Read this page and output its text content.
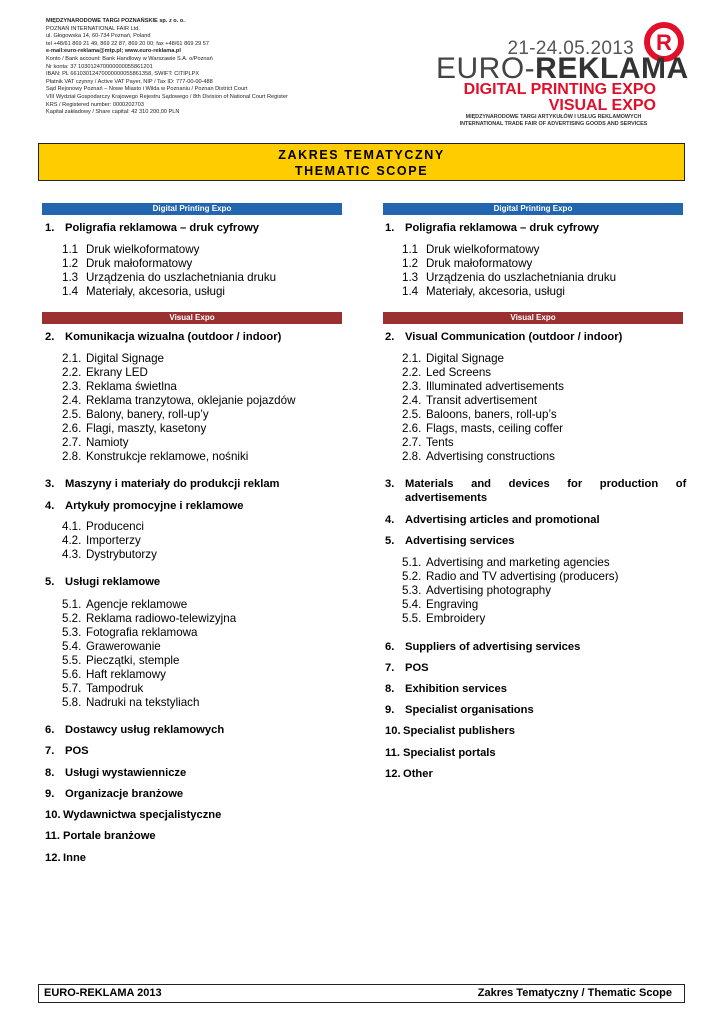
MIĘDZYNARODOWE TARGI POZNAŃSKIE sp. z o. o.
POZNAŃ INTERNATIONAL FAIR Ltd.
ul. Głogowska 14, 60-734 Poznań, Poland
tel +48/61 869 21 49, 869 22 87, 869 20 00; fax +48/61 869 29 57
e-mail:euro-reklama@mtp.pl; www.euro-reklama.pl
Konto / Bank account: Bank Handlowy w Warszawie S.A. o/Poznań
Nr konta: 37 103012470000000055861201
IBAN: PL 66103012470000000055861358, SWIFT: CITIPLPX
Płatnik VAT czynny / Active VAT Payer, NIP / Tax ID: 777-00-00-488
Sąd Rejonowy Poznań – Nowe Miasto i Wilda w Poznaniu / Poznan District Court
VIII Wydział Gospodarczy Krajowego Rejestru Sądowego / 8th Division of National Court Register
KRS / Registered number: 0000202703
Kapitał zakładowy / Share capital: 42 310 200,00 PLN
R
21-24.05.2013
EURO-REKLAMA
DIGITAL PRINTING EXPO
VISUAL EXPO
MIĘDZYNARODOWE TARGI ARTYKUŁÓW I USŁUG REKLAMOWYCH
INTERNATIONAL TRADE FAIR OF ADVERTISING GOODS AND SERVICES
ZAKRES TEMATYCZNY
THEMATIC SCOPE
Digital Printing Expo	Digital Printing Expo
Visual Expo	Visual Expo
1. Poligrafia reklamowa – druk cyfrowy
1.1 Druk wielkoformatowy
1.2 Druk małoformatowy
1.3 Urządzenia do uszlachetniania druku
1.4 Materiały, akcesoria, usługi
2. Komunikacja wizualna (outdoor / indoor)
2.1. Digital Signage
2.2. Ekrany LED
2.3. Reklama świetlna
2.4. Reklama tranzytowa, oklejanie pojazdów
2.5. Balony, banery, roll-up’y
2.6. Flagi, maszty, kasetony
2.7. Namioty
2.8. Konstrukcje reklamowe, nośniki
3. Maszyny i materiały do produkcji reklam
4. Artykuły promocyjne i reklamowe
4.1. Producenci
4.2. Importerzy
4.3. Dystrybutorzy
5. Usługi reklamowe
5.1. Agencje reklamowe
5.2. Reklama radiowo-telewizyjna
5.3. Fotografia reklamowa
5.4. Grawerowanie
5.5. Pieczątki, stemple
5.6. Haft reklamowy
5.7. Tampodruk
5.8. Nadruki na tekstyliach
6. Dostawcy usług reklamowych
7. POS
8. Usługi wystawiennicze
9. Organizacje branżowe
10. Wydawnictwa specjalistyczne
11. Portale branżowe
12. Inne
1. Poligrafia reklamowa – druk cyfrowy
1.1 Druk wielkoformatowy
1.2 Druk małoformatowy
1.3 Urządzenia do uszlachetniania druku
1.4 Materiały, akcesoria, usługi
2. Visual Communication (outdoor / indoor)
2.1. Digital Signage
2.2. Led Screens
2.3. Illuminated advertisements
2.4. Transit advertisement
2.5. Baloons, baners, roll-up’s
2.6. Flags, masts, ceiling coffer
2.7. Tents
2.8. Advertising constructions
3. Materials and devices for production of
advertisements
4. Advertising articles and promotional
5. Advertising services
5.1. Advertising and marketing agencies
5.2. Radio and TV advertising (producers)
5.3. Advertising photography
5.4. Engraving
5.5. Embroidery
6. Suppliers of advertising services
7. POS
8. Exhibition services
9. Specialist organisations
10. Specialist publishers
11. Specialist portals
12. Other
EURO-REKLAMA 2013	Zakres Tematyczny / Thematic Scope
